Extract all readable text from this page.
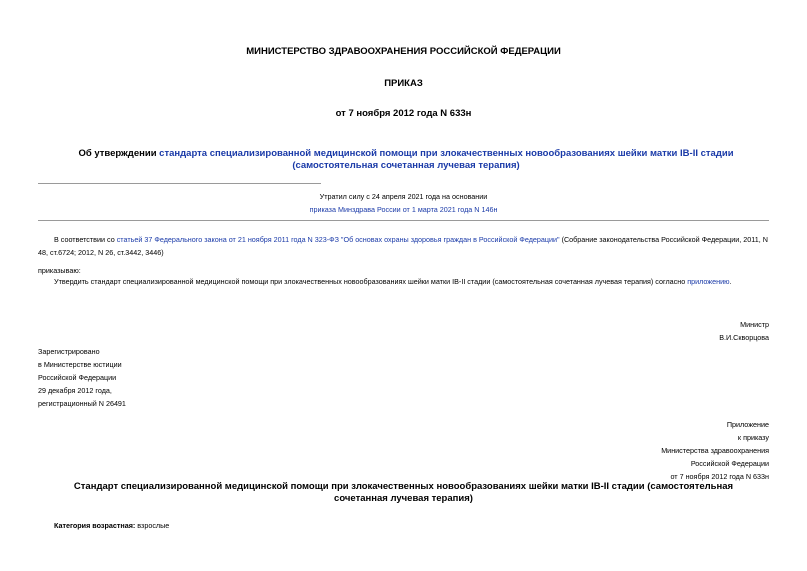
МИНИСТЕРСТВО ЗДРАВООХРАНЕНИЯ РОССИЙСКОЙ ФЕДЕРАЦИИ
ПРИКАЗ
от 7 ноября 2012 года N 633н
Об утверждении стандарта специализированной медицинской помощи при злокачественных новообразованиях шейки матки IB-II стадии (самостоятельная сочетанная лучевая терапия)
Утратил силу с 24 апреля 2021 года на основании
приказа Минздрава России от 1 марта 2021 года N 146н
В соответствии со статьей 37 Федерального закона от 21 ноября 2011 года N 323-ФЗ "Об основах охраны здоровья граждан в Российской Федерации" (Собрание законодательства Российской Федерации, 2011, N 48, ст.6724; 2012, N 26, ст.3442, 3446)
приказываю:
Утвердить стандарт специализированной медицинской помощи при злокачественных новообразованиях шейки матки IB-II стадии (самостоятельная сочетанная лучевая терапия) согласно приложению.
Министр
В.И.Скворцова
Зарегистрировано
в Министерстве юстиции
Российской Федерации
29 декабря 2012 года,
регистрационный N 26491
Приложение
к приказу
Министерства здравоохранения
Российской Федерации
от 7 ноября 2012 года N 633н
Стандарт специализированной медицинской помощи при злокачественных новообразованиях шейки матки IB-II стадии (самостоятельная сочетанная лучевая терапия)
Категория возрастная: взрослые
